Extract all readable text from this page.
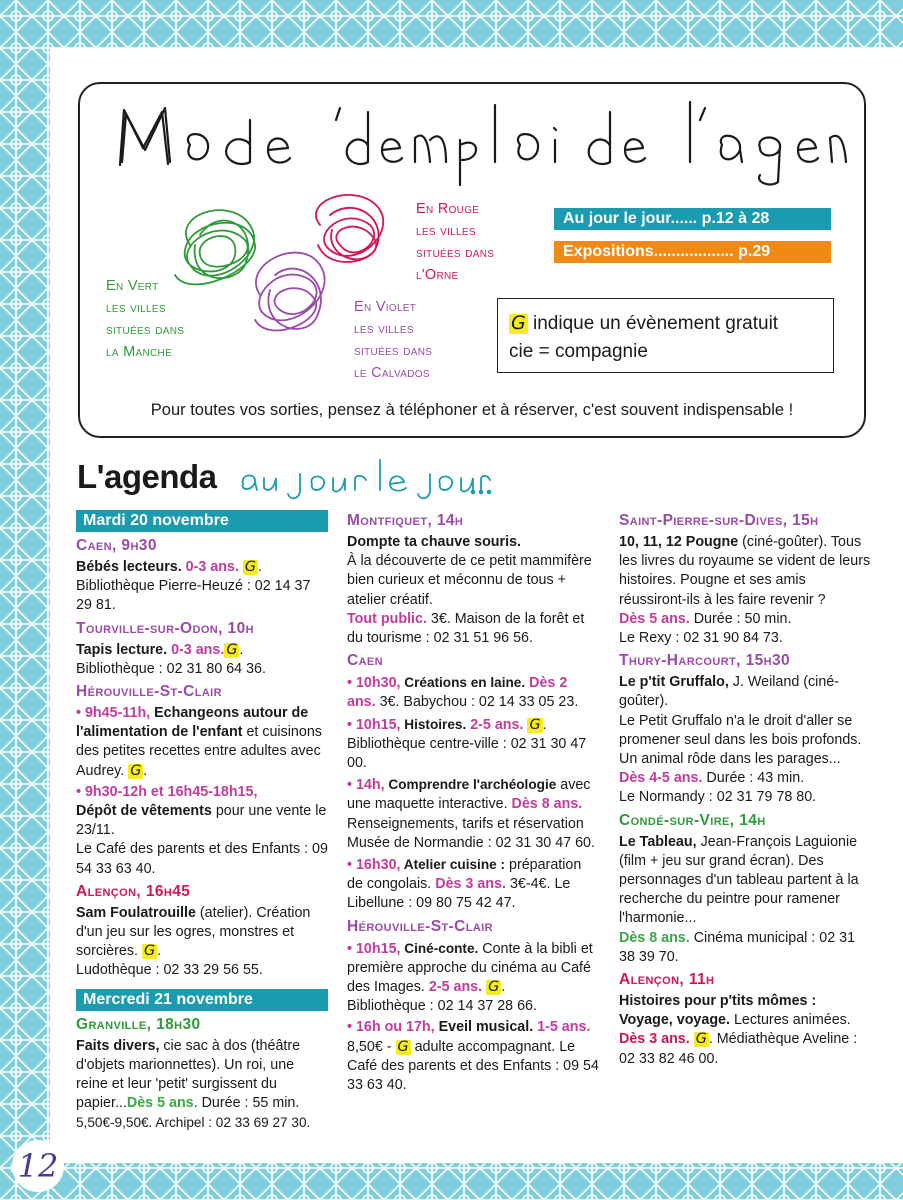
En Vert
les villes
situées dans
la Manche
En Rouge
les villes
situées dans
l'Orne
En Violet
les villes
situées dans
le Calvados
Au jour le jour...... p.12 à 28
Expositions.................. p.29
G indique un évènement gratuit
cie = compagnie
Pour toutes vos sorties, pensez à téléphoner et à réserver, c'est souvent indispensable !
L'agenda
Mardi 20 novembre

Caen, 9h30

Bébés lecteurs. 0-3 ans. G .
Bibliothèque Pierre-Heuzé : 02 14 37 29 81.

Tourville-sur-Odon, 10h

Tapis lecture. 0-3 ans. G .
Bibliothèque : 02 31 80 64 36.

Hérouville-St-Clair

• 9h45-11h, Echangeons autour de l'alimentation de l'enfant et cuisinons des petites recettes entre adultes avec Audrey. G .

• 9h30-12h et 16h45-18h15,
Dépôt de vêtements pour une vente le 23/11.
Le Café des parents et des Enfants : 09 54 33 63 40.

Alençon, 16h45

Sam Foulatrouille (atelier). Création d'un jeu sur les ogres, monstres et sorcières. G .
Ludothèque : 02 33 29 56 55.

Mercredi 21 novembre

Granville, 18h30

Faits divers, cie sac à dos (théâtre d'objets marionnettes). Un roi, une reine et leur 'petit' surgissent du papier...Dès 5 ans. Durée : 55 min.
5,50€-9,50€. Archipel : 02 33 69 27 30.

Montfiquet, 14h

Dompte ta chauve souris.
À la découverte de ce petit mammifère bien curieux et méconnu de tous + atelier créatif.
Tout public. 3€. Maison de la forêt et du tourisme : 02 31 51 96 56.

Caen

• 10h30, Créations en laine. Dès 2 ans. 3€. Babychou : 02 14 33 05 23.

• 10h15, Histoires. 2-5 ans. G . Bibliothèque centre-ville : 02 31 30 47 00.

• 14h, Comprendre l'archéologie avec une maquette interactive. Dès 8 ans. Renseignements, tarifs et réservation Musée de Normandie : 02 31 30 47 60.

• 16h30, Atelier cuisine : préparation de congolais. Dès 3 ans. 3€-4€. Le Libellune : 09 80 75 42 47.

Hérouville-St-Clair

• 10h15, Ciné-conte. Conte à la bibli et première approche du cinéma au Café des Images. 2-5 ans. G .
Bibliothèque : 02 14 37 28 66.

• 16h ou 17h, Eveil musical. 1-5 ans. 8,50€ - G adulte accompagnant. Le Café des parents et des Enfants : 09 54 33 63 40.

Saint-Pierre-sur-Dives, 15h

10, 11, 12 Pougne (ciné-goûter). Tous les livres du royaume se vident de leurs histoires. Pougne et ses amis réussiront-ils à les faire revenir ?
Dès 5 ans. Durée : 50 min.
Le Rexy : 02 31 90 84 73.

Thury-Harcourt, 15h30

Le p'tit Gruffalo, J. Weiland (ciné-goûter).
Le Petit Gruffalo n'a le droit d'aller se promener seul dans les bois profonds. Un animal rôde dans les parages...
Dès 4-5 ans. Durée : 43 min.
Le Normandy : 02 31 79 78 80.

Condé-sur-Vire, 14h

Le Tableau, Jean-François Laguionie (film + jeu sur grand écran). Des personnages d'un tableau partent à la recherche du peintre pour ramener l'harmonie...
Dès 8 ans. Cinéma municipal : 02 31 38 39 70.

Alençon, 11h

Histoires pour p'tits mômes : Voyage, voyage. Lectures animées.
Dès 3 ans. G . Médiathèque Aveline : 02 33 82 46 00.

12
